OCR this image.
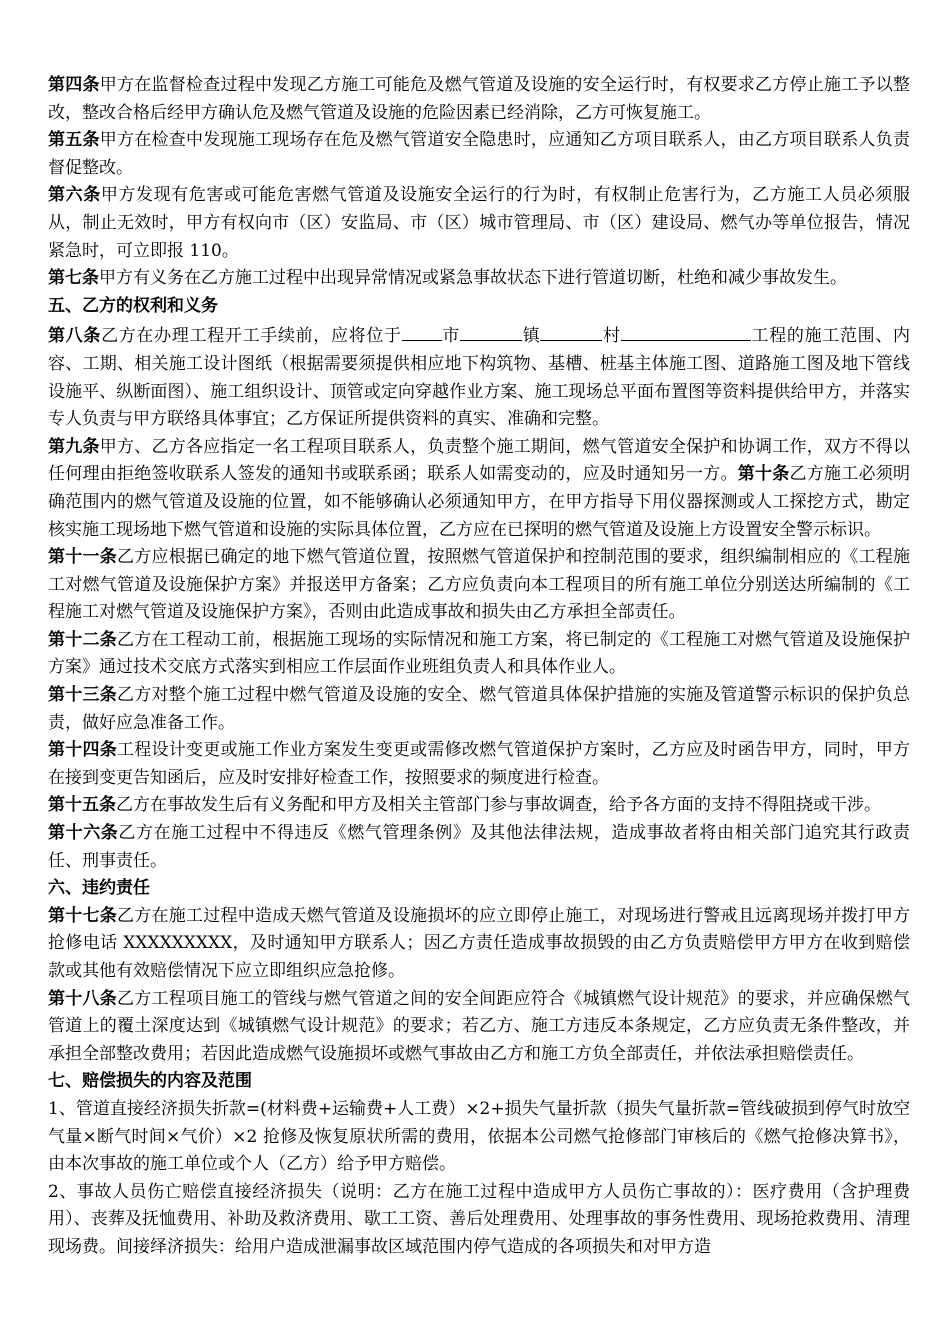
第四条甲方在监督检查过程中发现乙方施工可能危及燃气管道及设施的安全运行时，有权要求乙方停止施工予以整改，整改合格后经甲方确认危及燃气管道及设施的危险因素已经消除，乙方可恢复施工。

第五条甲方在检查中发现施工现场存在危及燃气管道安全隐患时，应通知乙方项目联系人，由乙方项目联系人负责督促整改。

第六条甲方发现有危害或可能危害燃气管道及设施安全运行的行为时，有权制止危害行为，乙方施工人员必须服从，制止无效时，甲方有权向市（区）安监局、市（区）城市管理局、市（区）建设局、燃气办等单位报告，情况紧急时，可立即报 110。

第七条甲方有义务在乙方施工过程中出现异常情况或紧急事故状态下进行管道切断，杜绝和减少事故发生。

五、乙方的权利和义务

第八条乙方在办理工程开工手续前，应将位于 市	镇	村	工程的施工范围、内容、工期、相关施工设计图纸（根据需要须提供相应地下构筑物、基槽、桩基主体施工图、道路施工图及地下管线设施平、纵断面图）、施工组织设计、顶管或定向穿越作业方案、施工现场总平面布置图等资料提供给甲方，并落实专人负责与甲方联络具体事宜；乙方保证所提供资料的真实、准确和完整。

第九条甲方、乙方各应指定一名工程项目联系人，负责整个施工期间，燃气管道安全保护和协调工作，双方不得以任何理由拒绝签收联系人签发的通知书或联系函；联系人如需变动的，应及时通知另一方。第十条乙方施工必须明确范围内的燃气管道及设施的位置，如不能够确认必须通知甲方，在甲方指导下用仪器探测或人工探挖方式，勘定核实施工现场地下燃气管道和设施的实际具体位置，乙方应在已探明的燃气管道及设施上方设置安全警示标识。

第十一条乙方应根据已确定的地下燃气管道位置，按照燃气管道保护和控制范围的要求，组织编制相应的《工程施工对燃气管道及设施保护方案》并报送甲方备案；乙方应负责向本工程项目的所有施工单位分别送达所编制的《工程施工对燃气管道及设施保护方案》，否则由此造成事故和损失由乙方承担全部责任。

第十二条乙方在工程动工前，根据施工现场的实际情况和施工方案，将已制定的《工程施工对燃气管道及设施保护方案》通过技术交底方式落实到相应工作层面作业班组负责人和具体作业人。

第十三条乙方对整个施工过程中燃气管道及设施的安全、燃气管道具体保护措施的实施及管道警示标识的保护负总责，做好应急准备工作。

第十四条工程设计变更或施工作业方案发生变更或需修改燃气管道保护方案时，乙方应及时函告甲方，同时，甲方在接到变更告知函后，应及时安排好检查工作，按照要求的频度进行检查。

第十五条乙方在事故发生后有义务配和甲方及相关主管部门参与事故调查，给予各方面的支持不得阻挠或干涉。

第十六条乙方在施工过程中不得违反《燃气管理条例》及其他法律法规，造成事故者将由相关部门追究其行政责任、刑事责任。

六、违约责任

第十七条乙方在施工过程中造成天燃气管道及设施损坏的应立即停止施工，对现场进行警戒且远离现场并拨打甲方抢修电话 XXXXXXXXX，及时通知甲方联系人；因乙方责任造成事故损毁的由乙方负责赔偿甲方甲方在收到赔偿款或其他有效赔偿情况下应立即组织应急抢修。

第十八条乙方工程项目施工的管线与燃气管道之间的安全间距应符合《城镇燃气设计规范》的要求，并应确保燃气管道上的覆土深度达到《城镇燃气设计规范》的要求；若乙方、施工方违反本条规定，乙方应负责无条件整改，并承担全部整改费用；若因此造成燃气设施损坏或燃气事故由乙方和施工方负全部责任，并依法承担赔偿责任。

七、赔偿损失的内容及范围

1、管道直接经济损失折款=(材料费+运输费+人工费）×2+损失气量折款（损失气量折款=管线破损到停气时放空气量×断气时间×气价）×2 抢修及恢复原状所需的费用，依据本公司燃气抢修部门审核后的《燃气抢修决算书》，由本次事故的施工单位或个人（乙方）给予甲方赔偿。

2、事故人员伤亡赔偿直接经济损失（说明：乙方在施工过程中造成甲方人员伤亡事故的）：医疗费用（含护理费用）、丧葬及抚恤费用、补助及救济费用、歇工工资、善后处理费用、处理事故的事务性费用、现场抢救费用、清理现场费。间接绎济损失：给用户造成泄漏事故区域范围内停气造成的各项损失和对甲方造
